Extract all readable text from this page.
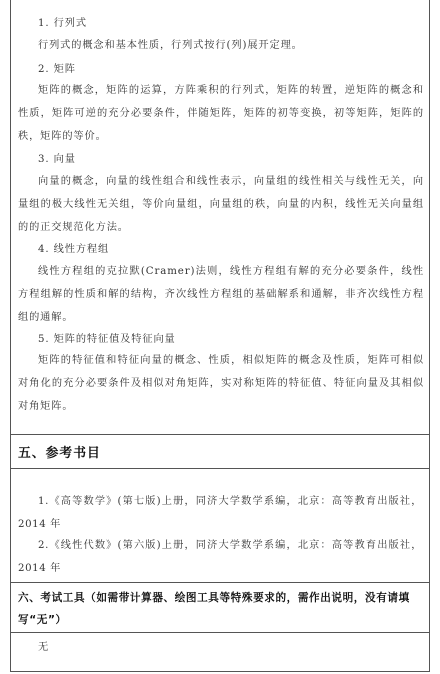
1. 行列式
行列式的概念和基本性质，行列式按行(列)展开定理。
2. 矩阵
矩阵的概念，矩阵的运算，方阵乘积的行列式，矩阵的转置，逆矩阵的概念和性质，矩阵可逆的充分必要条件，伴随矩阵，矩阵的初等变换，初等矩阵，矩阵的秩，矩阵的等价。
3. 向量
向量的概念，向量的线性组合和线性表示，向量组的线性相关与线性无关，向量组的极大线性无关组，等价向量组，向量组的秩，向量的内积，线性无关向量组的的正交规范化方法。
4. 线性方程组
线性方程组的克拉默(Cramer)法则，线性方程组有解的充分必要条件，线性方程组解的性质和解的结构，齐次线性方程组的基础解系和通解，非齐次线性方程组的通解。
5. 矩阵的特征值及特征向量
矩阵的特征值和特征向量的概念、性质，相似矩阵的概念及性质，矩阵可相似对角化的充分必要条件及相似对角矩阵，实对称矩阵的特征值、特征向量及其相似对角矩阵。
五、参考书目
1.《高等数学》(第七版)上册，同济大学数学系编，北京：高等教育出版社，2014 年
2.《线性代数》(第六版)上册，同济大学数学系编，北京：高等教育出版社，2014 年
六、考试工具（如需带计算器、绘图工具等特殊要求的，需作出说明，没有请填写“无”）
无
